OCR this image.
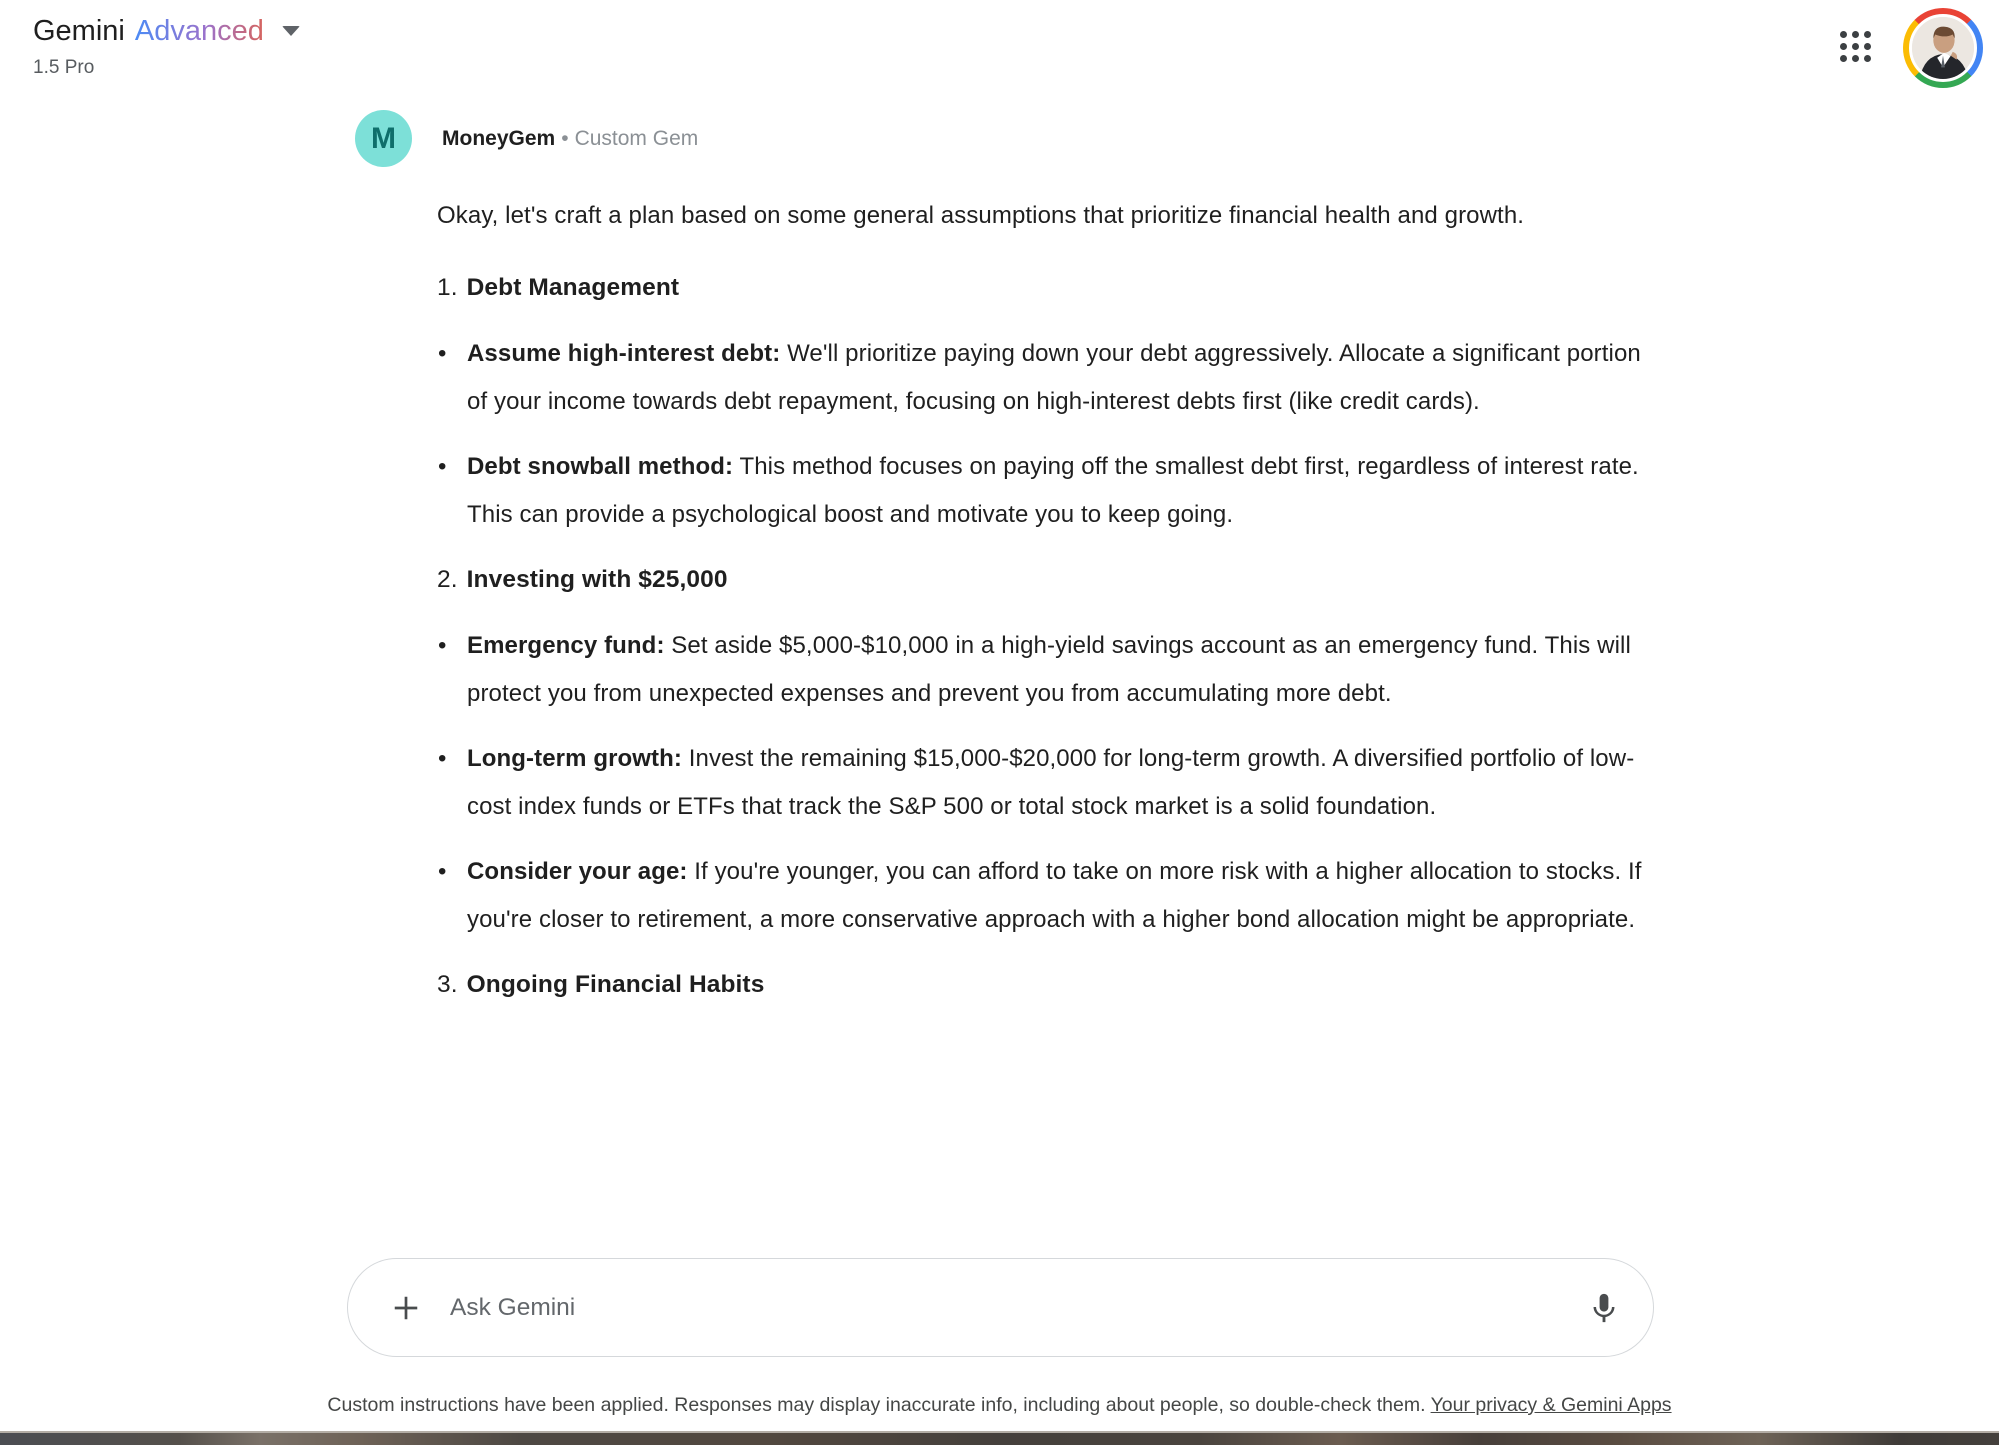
Gemini Advanced
1.5 Pro
M	MoneyGem • Custom Gem

Okay, let's craft a plan based on some general assumptions that prioritize financial health and growth.

1. Debt Management
• Assume high-interest debt: We'll prioritize paying down your debt aggressively. Allocate a significant portion of your income towards debt repayment, focusing on high-interest debts first (like credit cards).
• Debt snowball method: This method focuses on paying off the smallest debt first, regardless of interest rate. This can provide a psychological boost and motivate you to keep going.
2. Investing with $25,000
• Emergency fund: Set aside $5,000-$10,000 in a high-yield savings account as an emergency fund. This will protect you from unexpected expenses and prevent you from accumulating more debt.
• Long-term growth: Invest the remaining $15,000-$20,000 for long-term growth. A diversified portfolio of low-cost index funds or ETFs that track the S&P 500 or total stock market is a solid foundation.
• Consider your age: If you're younger, you can afford to take on more risk with a higher allocation to stocks. If you're closer to retirement, a more conservative approach with a higher bond allocation might be appropriate.
3. Ongoing Financial Habits
Ask Gemini
Custom instructions have been applied. Responses may display inaccurate info, including about people, so double-check them. Your privacy & Gemini Apps
